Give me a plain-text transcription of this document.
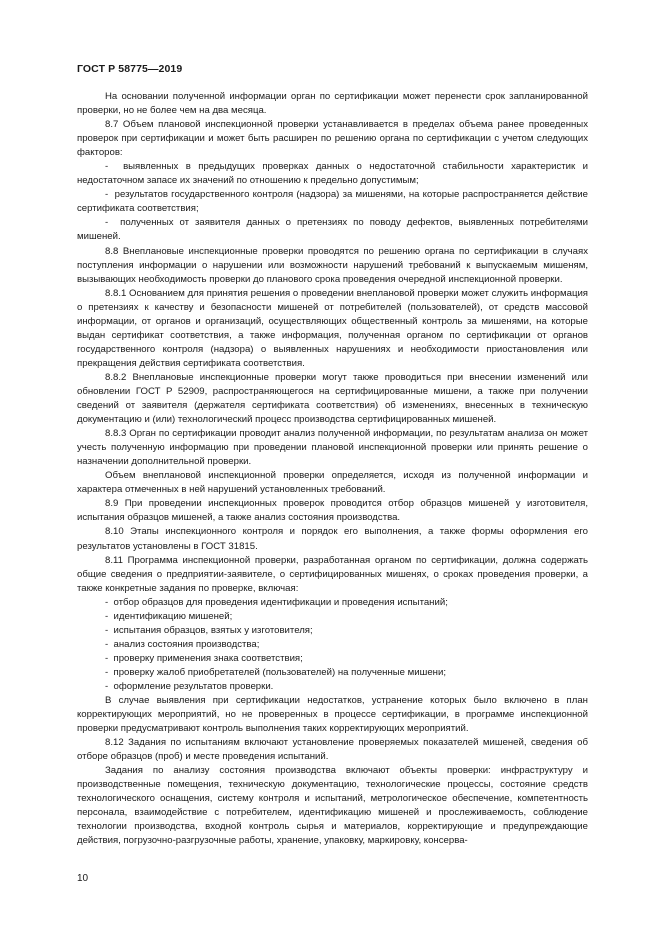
ГОСТ Р 58775—2019

На основании полученной информации орган по сертификации может перенести срок запланированной проверки, но не более чем на два месяца.

8.7 Объем плановой инспекционной проверки устанавливается в пределах объема ранее проведенных проверок при сертификации и может быть расширен по решению органа по сертификации с учетом следующих факторов:

-  выявленных в предыдущих проверках данных о недостаточной стабильности характеристик и недостаточном запасе их значений по отношению к предельно допустимым;

-  результатов государственного контроля (надзора) за мишенями, на которые распространяется действие сертификата соответствия;

-  полученных от заявителя данных о претензиях по поводу дефектов, выявленных потребителями мишеней.

8.8 Внеплановые инспекционные проверки проводятся по решению органа по сертификации в случаях поступления информации о нарушении или возможности нарушений требований к выпускаемым мишеням, вызывающих необходимость проверки до планового срока проведения очередной инспекционной проверки.

8.8.1 Основанием для принятия решения о проведении внеплановой проверки может служить информация о претензиях к качеству и безопасности мишеней от потребителей (пользователей), от средств массовой информации, от органов и организаций, осуществляющих общественный контроль за мишенями, на которые выдан сертификат соответствия, а также информация, полученная органом по сертификации от органов государственного контроля (надзора) о выявленных нарушениях и необходимости приостановления или прекращения действия сертификата соответствия.

8.8.2 Внеплановые инспекционные проверки могут также проводиться при внесении изменений или обновлении ГОСТ Р 52909, распространяющегося на сертифицированные мишени, а также при получении сведений от заявителя (держателя сертификата соответствия) об изменениях, внесенных в техническую документацию и (или) технологический процесс производства сертифицированных мишеней.

8.8.3 Орган по сертификации проводит анализ полученной информации, по результатам анализа он может учесть полученную информацию при проведении плановой инспекционной проверки или принять решение о назначении дополнительной проверки.

Объем внеплановой инспекционной проверки определяется, исходя из полученной информации и характера отмеченных в ней нарушений установленных требований.

8.9 При проведении инспекционных проверок проводится отбор образцов мишеней у изготовителя, испытания образцов мишеней, а также анализ состояния производства.

8.10 Этапы инспекционного контроля и порядок его выполнения, а также формы оформления его результатов установлены в ГОСТ 31815.

8.11 Программа инспекционной проверки, разработанная органом по сертификации, должна содержать общие сведения о предприятии-заявителе, о сертифицированных мишенях, о сроках проведения проверки, а также конкретные задания по проверке, включая:

-  отбор образцов для проведения идентификации и проведения испытаний;

-  идентификацию мишеней;

-  испытания образцов, взятых у изготовителя;

-  анализ состояния производства;

-  проверку применения знака соответствия;

-  проверку жалоб приобретателей (пользователей) на полученные мишени;

-  оформление результатов проверки.

В случае выявления при сертификации недостатков, устранение которых было включено в план корректирующих мероприятий, но не проверенных в процессе сертификации, в программе инспекционной проверки предусматривают контроль выполнения таких корректирующих мероприятий.

8.12 Задания по испытаниям включают установление проверяемых показателей мишеней, сведения об отборе образцов (проб) и месте проведения испытаний.

Задания по анализу состояния производства включают объекты проверки: инфраструктуру и производственные помещения, техническую документацию, технологические процессы, состояние средств технологического оснащения, систему контроля и испытаний, метрологическое обеспечение, компетентность персонала, взаимодействие с потребителем, идентификацию мишеней и прослеживаемость, соблюдение технологии производства, входной контроль сырья и материалов, корректирующие и предупреждающие действия, погрузочно-разгрузочные работы, хранение, упаковку, маркировку, консерва-

10
